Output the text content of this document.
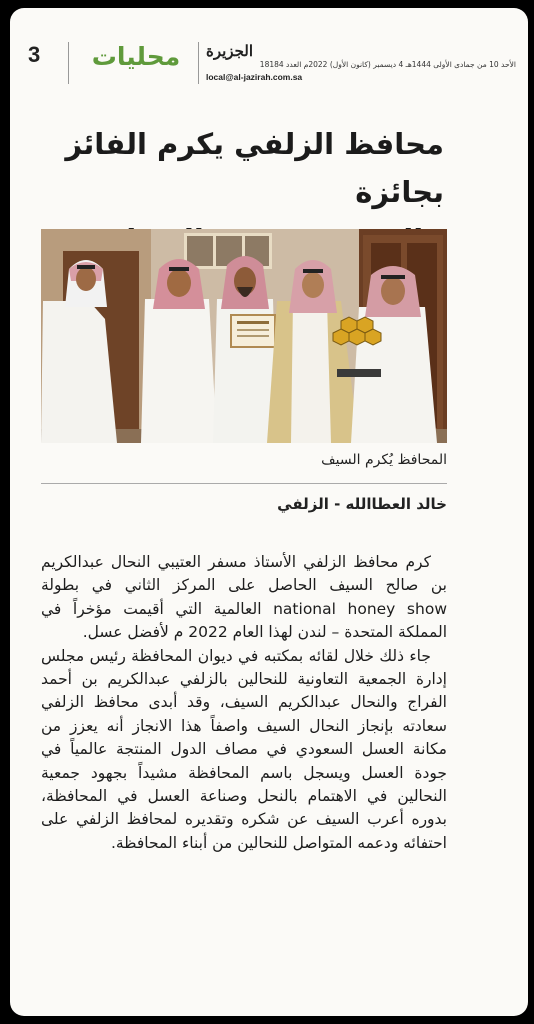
3	محليات	الجزيرة
الأحد 10 من جمادى الأولى 1444هـ 4 ديسمبر (كانون الأول) 2022م العدد 18184
local@al-jazirah.com.sa
محافظ الزلفي يكرم الفائز بجائزة
المحافظ يُكرم السيف
خالد العطاالله - الزلفي

كرم محافظ الزلفي الأستاذ مسفر العتيبي النحال عبدالكريم بن صالح السيف الحاصل على المركز الثاني في بطولة national honey show العالمية التي أقيمت مؤخراً في المملكة المتحدة – لندن لهذا العام 2022 م لأفضل عسل.

جاء ذلك خلال لقائه بمكتبه في ديوان المحافظة رئيس مجلس إدارة الجمعية التعاونية للنحالين بالزلفي عبدالكريم بن أحمد الفراج والنحال عبدالكريم السيف، وقد أبدى محافظ الزلفي سعادته بإنجاز النحال السيف واصفاً هذا الانجاز أنه يعزز من مكانة العسل السعودي في مصاف الدول المنتجة عالمياً في جودة العسل ويسجل باسم المحافظة مشيداً بجهود جمعية النحالين في الاهتمام بالنحل وصناعة العسل في المحافظة، بدوره أعرب السيف عن شكره وتقديره لمحافظ الزلفي على احتفائه ودعمه المتواصل للنحالين من أبناء المحافظة.
